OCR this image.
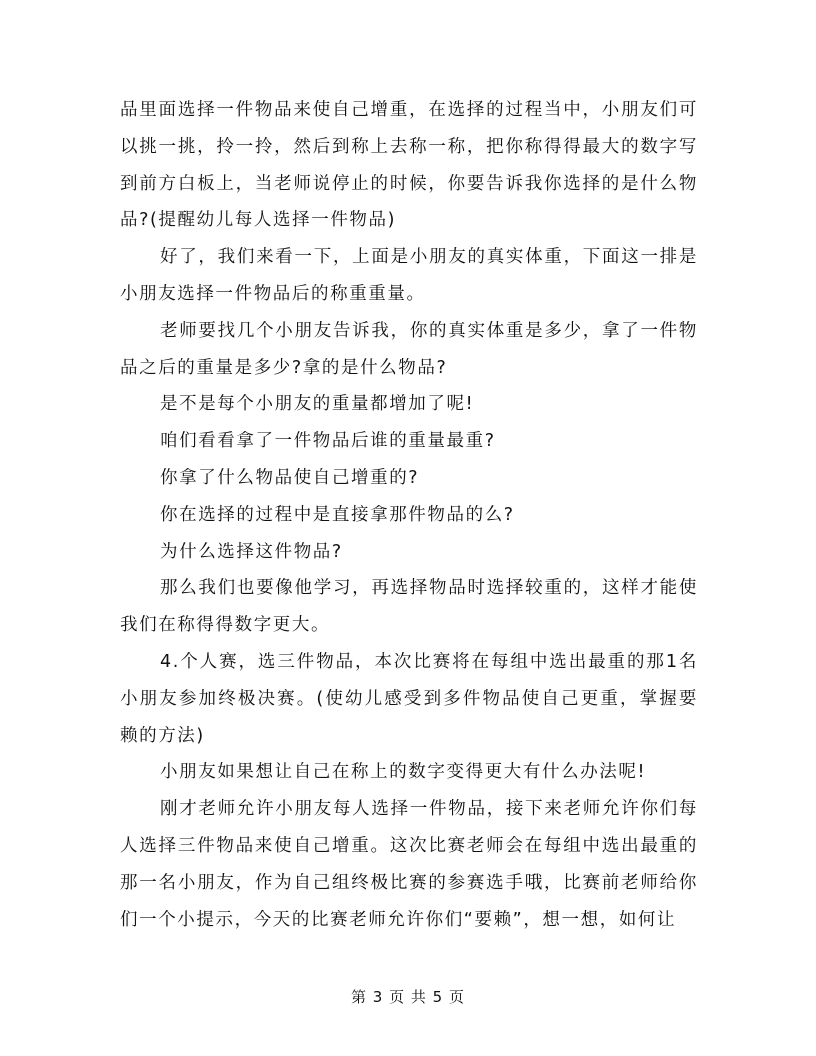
品里面选择一件物品来使自己增重，在选择的过程当中，小朋友们可以挑一挑，拎一拎，然后到称上去称一称，把你称得得最大的数字写到前方白板上，当老师说停止的时候，你要告诉我你选择的是什么物品?(提醒幼儿每人选择一件物品)

好了，我们来看一下，上面是小朋友的真实体重，下面这一排是小朋友选择一件物品后的称重重量。

老师要找几个小朋友告诉我，你的真实体重是多少，拿了一件物品之后的重量是多少?拿的是什么物品?

是不是每个小朋友的重量都增加了呢!

咱们看看拿了一件物品后谁的重量最重?

你拿了什么物品使自己增重的?

你在选择的过程中是直接拿那件物品的么?

为什么选择这件物品?

那么我们也要像他学习，再选择物品时选择较重的，这样才能使我们在称得得数字更大。

4.个人赛，选三件物品，本次比赛将在每组中选出最重的那1名小朋友参加终极决赛。(使幼儿感受到多件物品使自己更重，掌握要赖的方法)

小朋友如果想让自己在称上的数字变得更大有什么办法呢!

刚才老师允许小朋友每人选择一件物品，接下来老师允许你们每人选择三件物品来使自己增重。这次比赛老师会在每组中选出最重的那一名小朋友，作为自己组终极比赛的参赛选手哦，比赛前老师给你们一个小提示，今天的比赛老师允许你们“要赖”，想一想，如何让

第 3 页 共 5 页
